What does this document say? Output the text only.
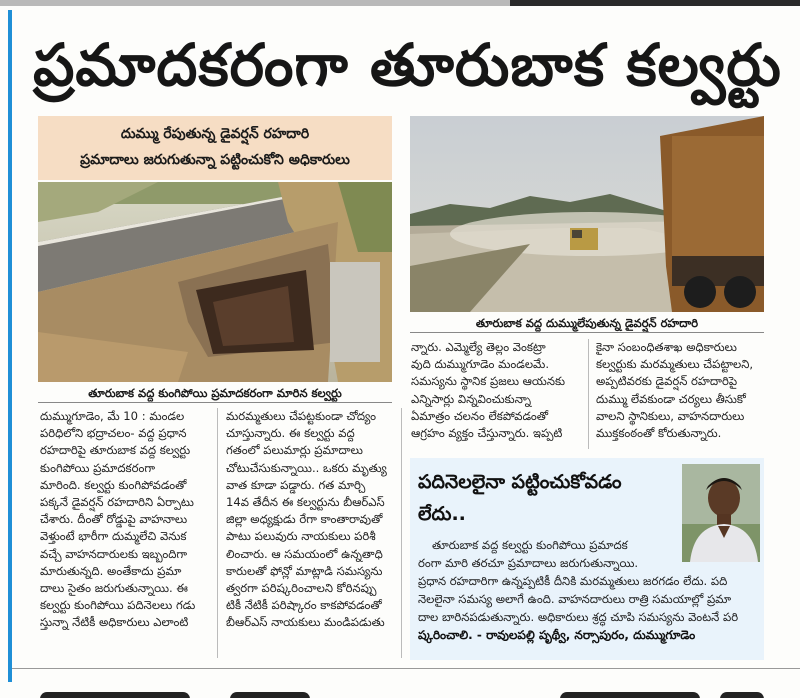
ప్రమాదకరంగా తూరుబాక కల్వర్టు
దుమ్ము రేపుతున్న డైవర్షన్ రహదారి
ప్రమాదాలు జరుగుతున్నా పట్టించుకోని అధికారులు
తూరుబాక వద్ద కుంగిపోయి ప్రమాదకరంగా మారిన కల్వర్టు
తూరుబాక వద్ద దుమ్ములేపుతున్న డైవర్షన్ రహదారి

దుమ్ముగూడెం, మే 10 : మండల

పరిధిలోని భద్రాచలం- వద్ద ప్రధాన

రహదారిపై తూరుబాక వద్ద కల్వర్టు

కుంగిపోయి ప్రమాదకరంగా

మారింది. కల్వర్టు కుంగిపోవడంతో

పక్కనే డైవర్షన్ రహదారిని ఏర్పాటు

చేశారు. దీంతో రోడ్డుపై వాహనాలు

వెళ్తుంటే భారీగా దుమ్మలేచి వెనుక

వచ్చే వాహనదారులకు ఇబ్బందిగా

మారుతున్నది. అంతేకాదు ప్రమా

దాలు సైతం జరుగుతున్నాయి. ఈ

కల్వర్టు కుంగిపోయి పదినెలలు గడు

స్తున్నా నేటికీ అధికారులు ఎలాంటి

మరమ్మతులు చేపట్టకుండా చోద్యం

చూస్తున్నారు. ఈ కల్వర్టు వద్ద

గతంలో పలుమార్లు ప్రమాదాలు

చోటుచేసుకున్నాయి.. ఒకరు మృత్యు

వాత కూడా పడ్డారు. గత మార్చి

14వ తేదీన ఈ కల్వర్టును బీఆర్ఎస్

జిల్లా అధ్యక్షుడు రేగా కాంతారావుతో

పాటు పలువురు నాయకులు పరిశీ

లించారు. ఆ సమయంలో ఉన్నతాధి

కారులతో ఫోన్లో మాట్లాడి సమస్యను

త్వరగా పరిష్కరించాలని కోరినప్పు

టికీ నేటికీ పరిష్కారం కాకపోవడంతో

బీఆర్ఎస్ నాయకులు మండిపడుతు

న్నారు. ఎమ్మెల్యే తెల్లం వెంకట్రా

వుది దుమ్ముగూడెం మండలమే.

సమస్యను స్థానిక ప్రజలు ఆయనకు

ఎన్నిసార్లు విన్నవించుకున్నా

ఏమాత్రం చలనం లేకపోవడంతో

ఆగ్రహం వ్యక్తం చేస్తున్నారు. ఇప్పటి

కైనా సంబంధితశాఖ అధికారులు

కల్వర్టుకు మరమ్మతులు చేపట్టాలని,

అప్పటివరకు డైవర్షన్ రహదారిపై

దుమ్ము లేవకుండా చర్యలు తీసుకో

వాలని స్థానికులు, వాహనదారులు

ముక్తకంఠంతో కోరుతున్నారు.

పదినెలలైనా పట్టించుకోవడం
లేదు..

తూరుబాక వద్ద కల్వర్టు కుంగిపోయి ప్రమాదక

రంగా మారి తరచూ ప్రమాదాలు జరుగుతున్నాయి.

ప్రధాన రహదారిగా ఉన్నప్పటికీ దీనికి మరమ్మతులు జరగడం లేదు. పది

నెలలైనా సమస్య అలాగే ఉంది. వాహనదారులు రాత్రి సమయాల్లో ప్రమా

దాల బారినపడుతున్నారు. అధికారులు శ్రద్ధ చూపి సమస్యను వెంటనే పరి

ష్కరించాలి. - రావులపల్లి పృథ్వీ, నర్సాపురం, దుమ్ముగూడెం
